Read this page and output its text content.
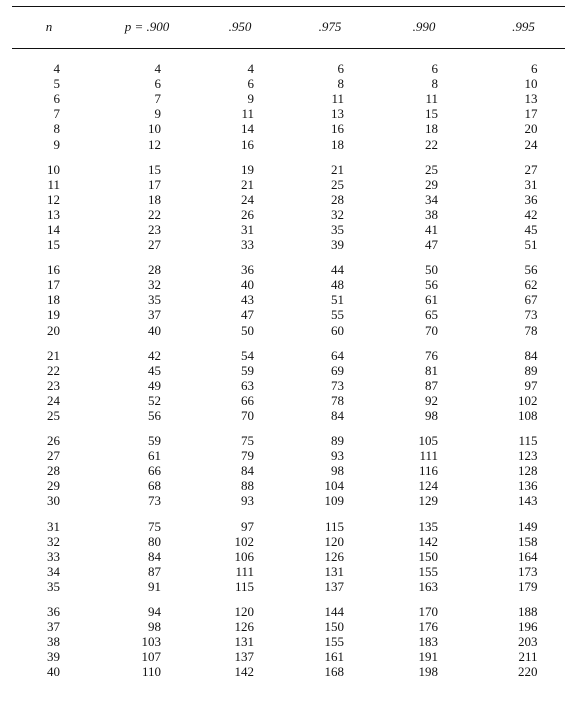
n	p = .900	.950	.975	.990	.995

4	4	4	6	6	6
5	6	6	8	8	10
6	7	9	11	11	13
7	9	11	13	15	17
8	10	14	16	18	20
9	12	16	18	22	24

10	15	19	21	25	27
11	17	21	25	29	31
12	18	24	28	34	36
13	22	26	32	38	42
14	23	31	35	41	45
15	27	33	39	47	51

16	28	36	44	50	56
17	32	40	48	56	62
18	35	43	51	61	67
19	37	47	55	65	73
20	40	50	60	70	78

21	42	54	64	76	84
22	45	59	69	81	89
23	49	63	73	87	97
24	52	66	78	92	102
25	56	70	84	98	108

26	59	75	89	105	115
27	61	79	93	111	123
28	66	84	98	116	128
29	68	88	104	124	136
30	73	93	109	129	143

31	75	97	115	135	149
32	80	102	120	142	158
33	84	106	126	150	164
34	87	111	131	155	173
35	91	115	137	163	179

36	94	120	144	170	188
37	98	126	150	176	196
38	103	131	155	183	203
39	107	137	161	191	211
40	110	142	168	198	220
